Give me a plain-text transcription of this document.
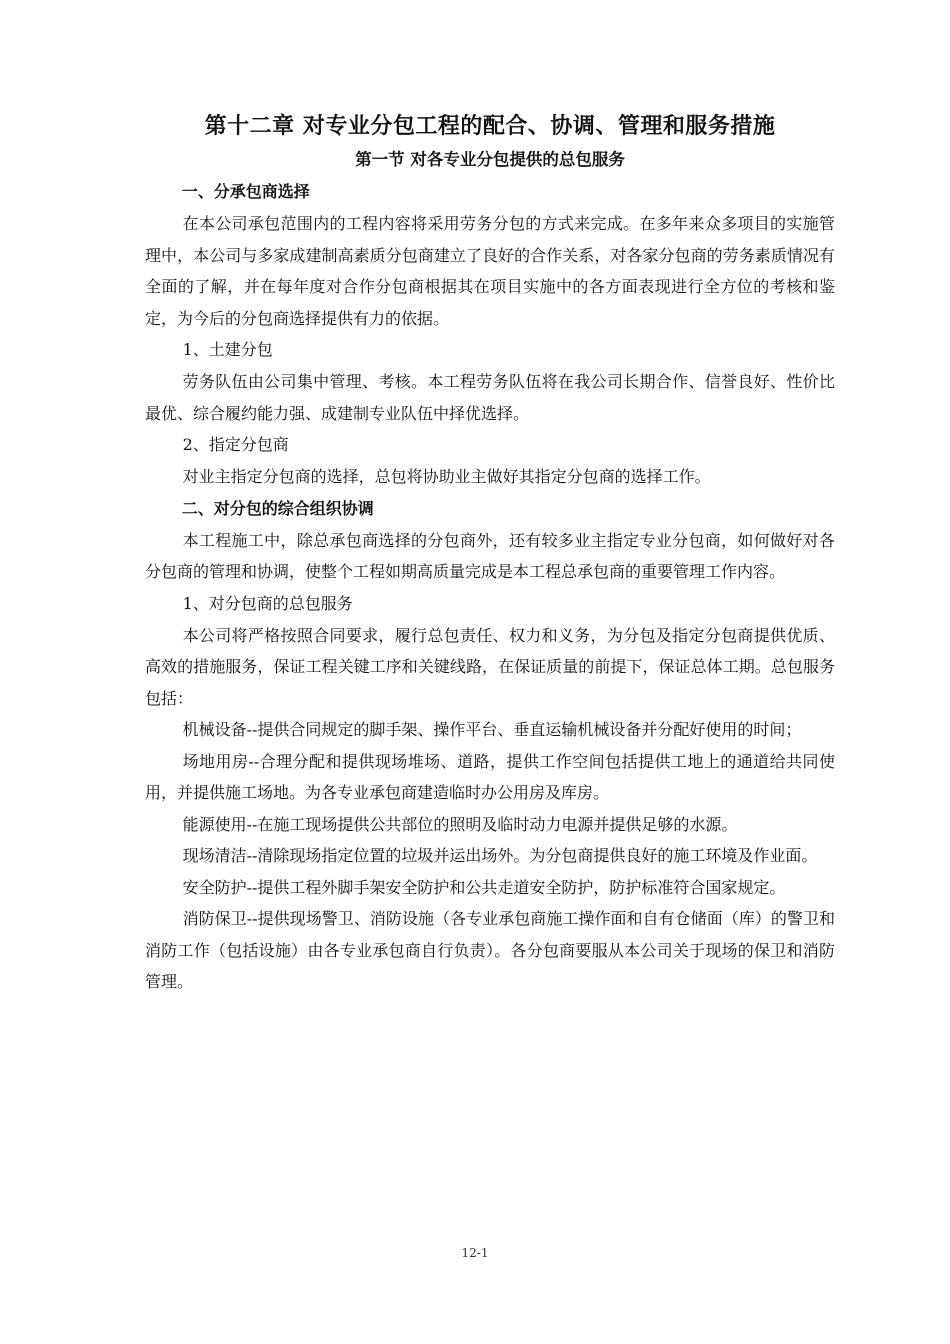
第十二章 对专业分包工程的配合、协调、管理和服务措施
第一节 对各专业分包提供的总包服务

一、分承包商选择

在本公司承包范围内的工程内容将采用劳务分包的方式来完成。在多年来众多项目的实施管理中，本公司与多家成建制高素质分包商建立了良好的合作关系，对各家分包商的劳务素质情况有全面的了解，并在每年度对合作分包商根据其在项目实施中的各方面表现进行全方位的考核和鉴定，为今后的分包商选择提供有力的依据。

1、土建分包

劳务队伍由公司集中管理、考核。本工程劳务队伍将在我公司长期合作、信誉良好、性价比最优、综合履约能力强、成建制专业队伍中择优选择。

2、指定分包商

对业主指定分包商的选择，总包将协助业主做好其指定分包商的选择工作。

二、对分包的综合组织协调

本工程施工中，除总承包商选择的分包商外，还有较多业主指定专业分包商，如何做好对各分包商的管理和协调，使整个工程如期高质量完成是本工程总承包商的重要管理工作内容。

1、对分包商的总包服务

本公司将严格按照合同要求，履行总包责任、权力和义务，为分包及指定分包商提供优质、高效的措施服务，保证工程关键工序和关键线路，在保证质量的前提下，保证总体工期。总包服务包括：

机械设备--提供合同规定的脚手架、操作平台、垂直运输机械设备并分配好使用的时间；

场地用房--合理分配和提供现场堆场、道路，提供工作空间包括提供工地上的通道给共同使用，并提供施工场地。为各专业承包商建造临时办公用房及库房。

能源使用--在施工现场提供公共部位的照明及临时动力电源并提供足够的水源。

现场清洁--清除现场指定位置的垃圾并运出场外。为分包商提供良好的施工环境及作业面。

安全防护--提供工程外脚手架安全防护和公共走道安全防护，防护标准符合国家规定。

消防保卫--提供现场警卫、消防设施（各专业承包商施工操作面和自有仓储面（库）的警卫和消防工作（包括设施）由各专业承包商自行负责）。各分包商要服从本公司关于现场的保卫和消防管理。

12-1
